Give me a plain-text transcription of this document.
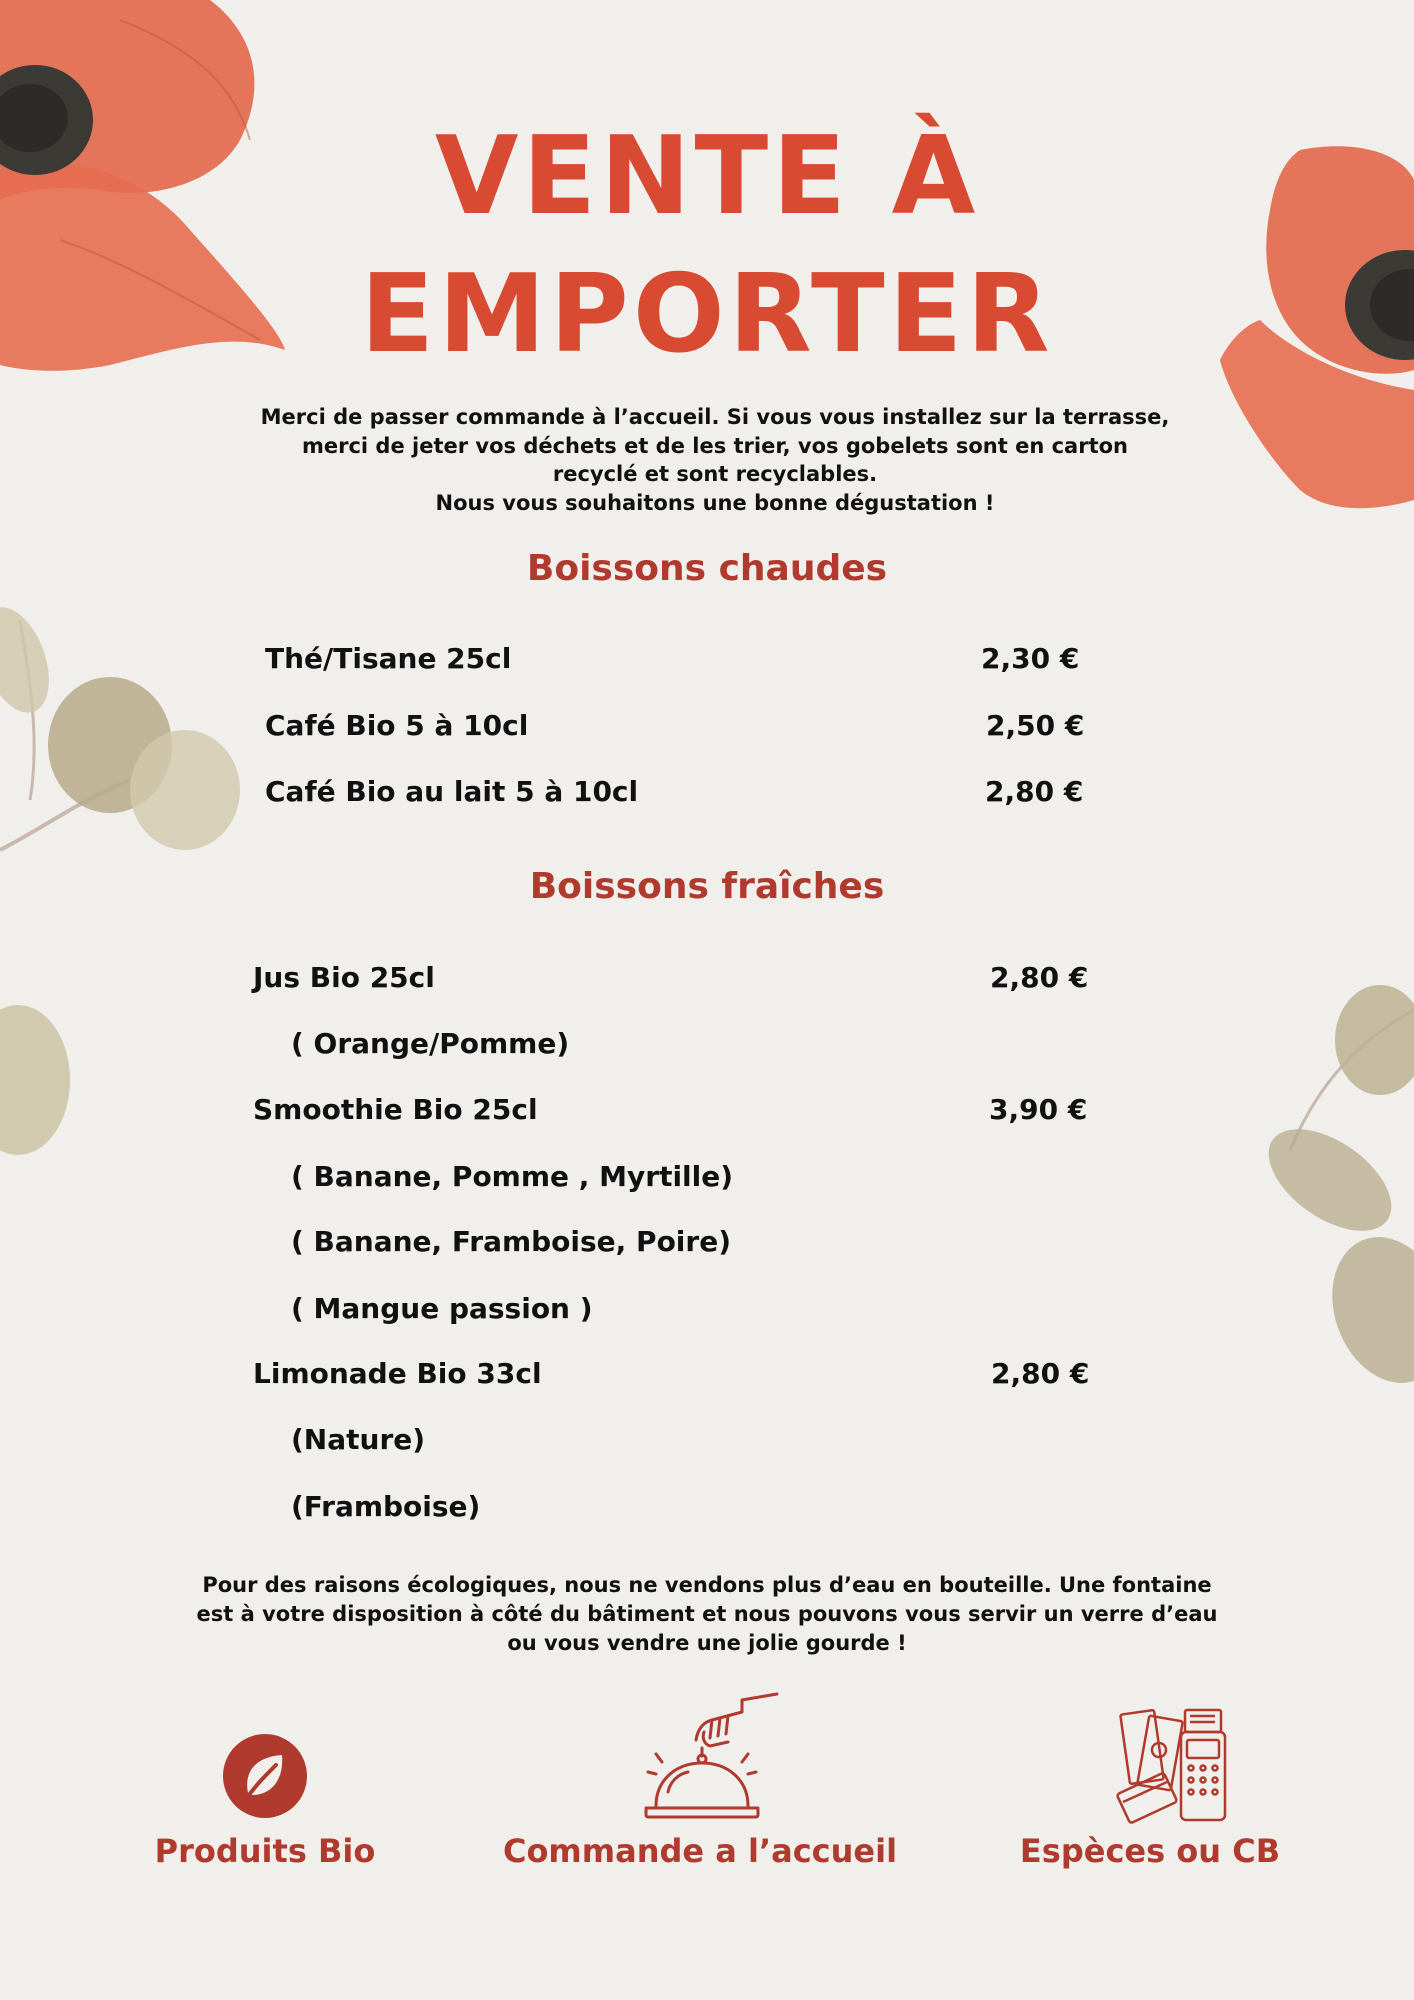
VENTE À
EMPORTER
Merci de passer commande à l’accueil. Si vous vous installez sur la terrasse,
merci de jeter vos déchets et de les trier, vos gobelets sont en carton
recyclé et sont recyclables.
Nous vous souhaitons une bonne dégustation !
Boissons chaudes
Thé/Tisane 25cl	2,30 €
Café Bio 5 à 10cl	2,50 €
Café Bio au lait 5 à 10cl	2,80 €
Boissons fraîches
Jus Bio 25cl	2,80 €
( Orange/Pomme)
Smoothie Bio 25cl	3,90 €
( Banane, Pomme , Myrtille)
( Banane, Framboise, Poire)
( Mangue passion )
Limonade Bio 33cl	2,80 €
(Nature)
(Framboise)
Pour des raisons écologiques, nous ne vendons plus d’eau en bouteille. Une fontaine
est à votre disposition à côté du bâtiment et nous pouvons vous servir un verre d’eau
ou vous vendre une jolie gourde !
Produits Bio	Commande a l’accueil	Espèces ou CB
